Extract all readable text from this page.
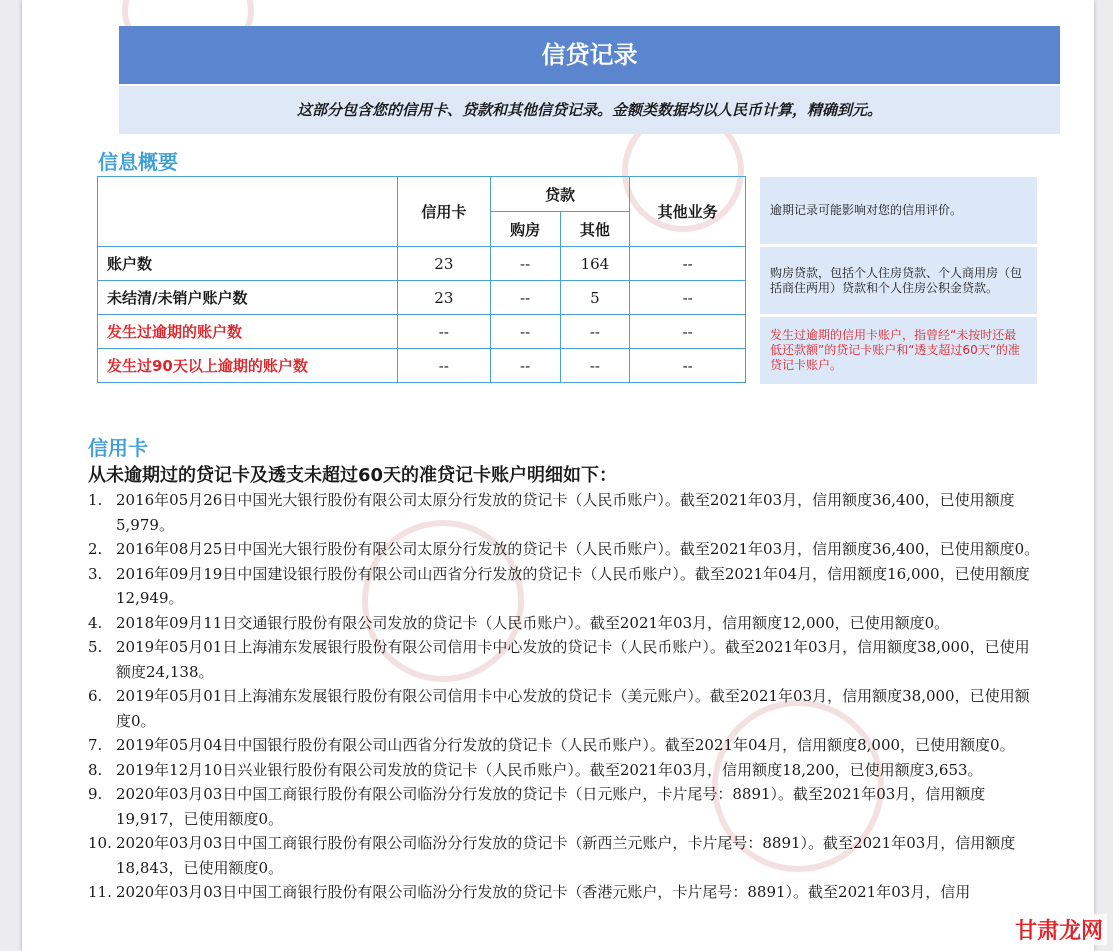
信贷记录
这部分包含您的信用卡、贷款和其他信贷记录。金额类数据均以人民币计算，精确到元。
信息概要
	信用卡	贷款		其他业务
		购房	其他	
账户数	23	--	164	--
未结清/未销户账户数	23	--	5	--
发生过逾期的账户数	--	--	--	--
发生过90天以上逾期的账户数	--	--	--	--
逾期记录可能影响对您的信用评价。
购房贷款，包括个人住房贷款、个人商用房（包括商住两用）贷款和个人住房公积金贷款。
发生过逾期的信用卡账户，指曾经“未按时还最低还款额”的贷记卡账户和“透支超过60天”的准贷记卡账户。
信用卡
从未逾期过的贷记卡及透支未超过60天的准贷记卡账户明细如下：
1. 2016年05月26日中国光大银行股份有限公司太原分行发放的贷记卡（人民币账户）。截至2021年03月，信用额度36,400，已使用额度5,979。
2. 2016年08月25日中国光大银行股份有限公司太原分行发放的贷记卡（人民币账户）。截至2021年03月，信用额度36,400，已使用额度0。
3. 2016年09月19日中国建设银行股份有限公司山西省分行发放的贷记卡（人民币账户）。截至2021年04月，信用额度16,000，已使用额度12,949。
4. 2018年09月11日交通银行股份有限公司发放的贷记卡（人民币账户）。截至2021年03月，信用额度12,000，已使用额度0。
5. 2019年05月01日上海浦东发展银行股份有限公司信用卡中心发放的贷记卡（人民币账户）。截至2021年03月，信用额度38,000，已使用额度24,138。
6. 2019年05月01日上海浦东发展银行股份有限公司信用卡中心发放的贷记卡（美元账户）。截至2021年03月，信用额度38,000，已使用额度0。
7. 2019年05月04日中国银行股份有限公司山西省分行发放的贷记卡（人民币账户）。截至2021年04月，信用额度8,000，已使用额度0。
8. 2019年12月10日兴业银行股份有限公司发放的贷记卡（人民币账户）。截至2021年03月，信用额度18,200，已使用额度3,653。
9. 2020年03月03日中国工商银行股份有限公司临汾分行发放的贷记卡（日元账户，卡片尾号：8891）。截至2021年03月，信用额度19,917，已使用额度0。
10. 2020年03月03日中国工商银行股份有限公司临汾分行发放的贷记卡（新西兰元账户，卡片尾号：8891）。截至2021年03月，信用额度18,843，已使用额度0。
11. 2020年03月03日中国工商银行股份有限公司临汾分行发放的贷记卡（香港元账户，卡片尾号：8891）。截至2021年03月，信用
甘肃龙网
